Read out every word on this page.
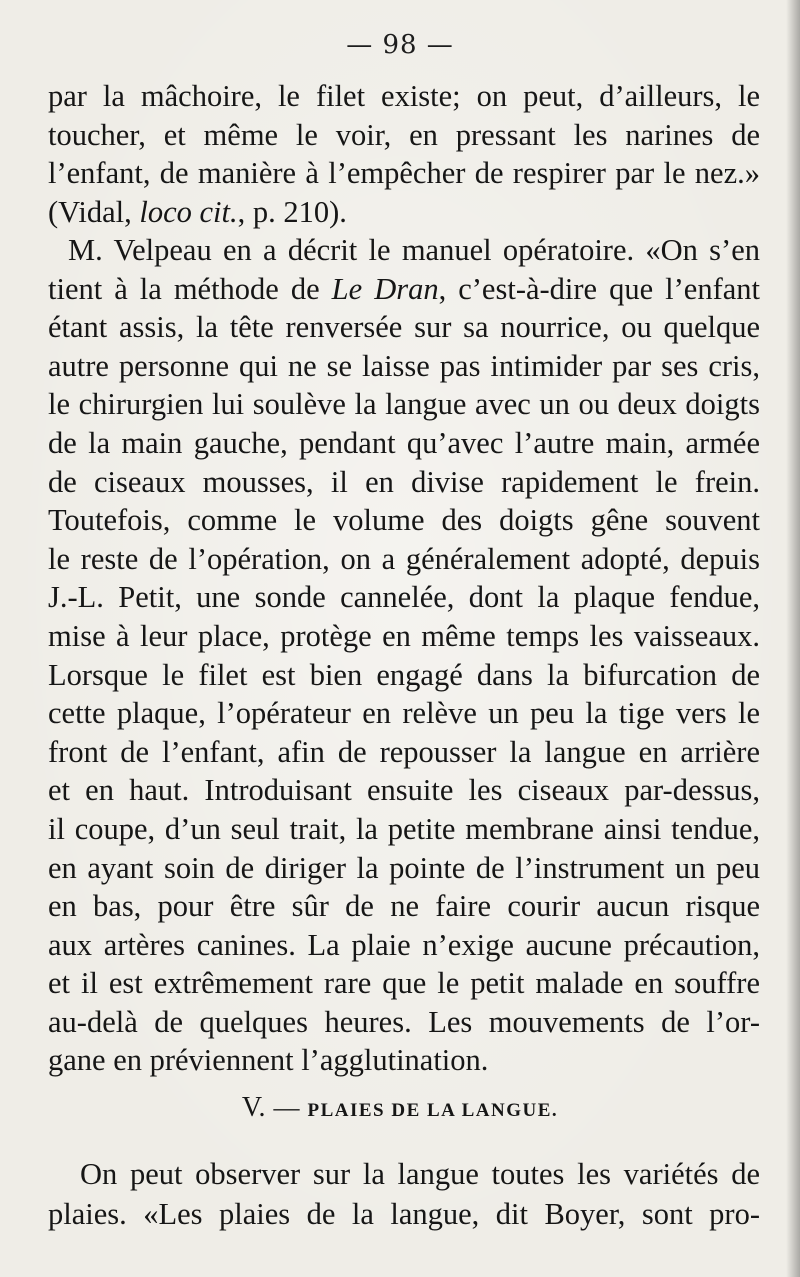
— 98 —
par la mâchoire, le filet existe; on peut, d’ailleurs, le
toucher, et même le voir, en pressant les narines de
l’enfant, de manière à l’empêcher de respirer par le nez.»
(Vidal, loco cit., p. 210).
M. Velpeau en a décrit le manuel opératoire. «On s’en
tient à la méthode de Le Dran, c’est-à-dire que l’enfant
étant assis, la tête renversée sur sa nourrice, ou quelque
autre personne qui ne se laisse pas intimider par ses cris,
le chirurgien lui soulève la langue avec un ou deux doigts
de la main gauche, pendant qu’avec l’autre main, armée
de ciseaux mousses, il en divise rapidement le frein.
Toutefois, comme le volume des doigts gêne souvent
le reste de l’opération, on a généralement adopté, depuis
J.-L. Petit, une sonde cannelée, dont la plaque fendue,
mise à leur place, protège en même temps les vaisseaux.
Lorsque le filet est bien engagé dans la bifurcation de
cette plaque, l’opérateur en relève un peu la tige vers le
front de l’enfant, afin de repousser la langue en arrière
et en haut. Introduisant ensuite les ciseaux par-dessus,
il coupe, d’un seul trait, la petite membrane ainsi tendue,
en ayant soin de diriger la pointe de l’instrument un peu
en bas, pour être sûr de ne faire courir aucun risque
aux artères canines. La plaie n’exige aucune précaution,
et il est extrêmement rare que le petit malade en souffre
au-delà de quelques heures. Les mouvements de l’or-
gane en préviennent l’agglutination.
V. — PLAIES DE LA LANGUE.
On peut observer sur la langue toutes les variétés de
plaies. «Les plaies de la langue, dit Boyer, sont pro-
